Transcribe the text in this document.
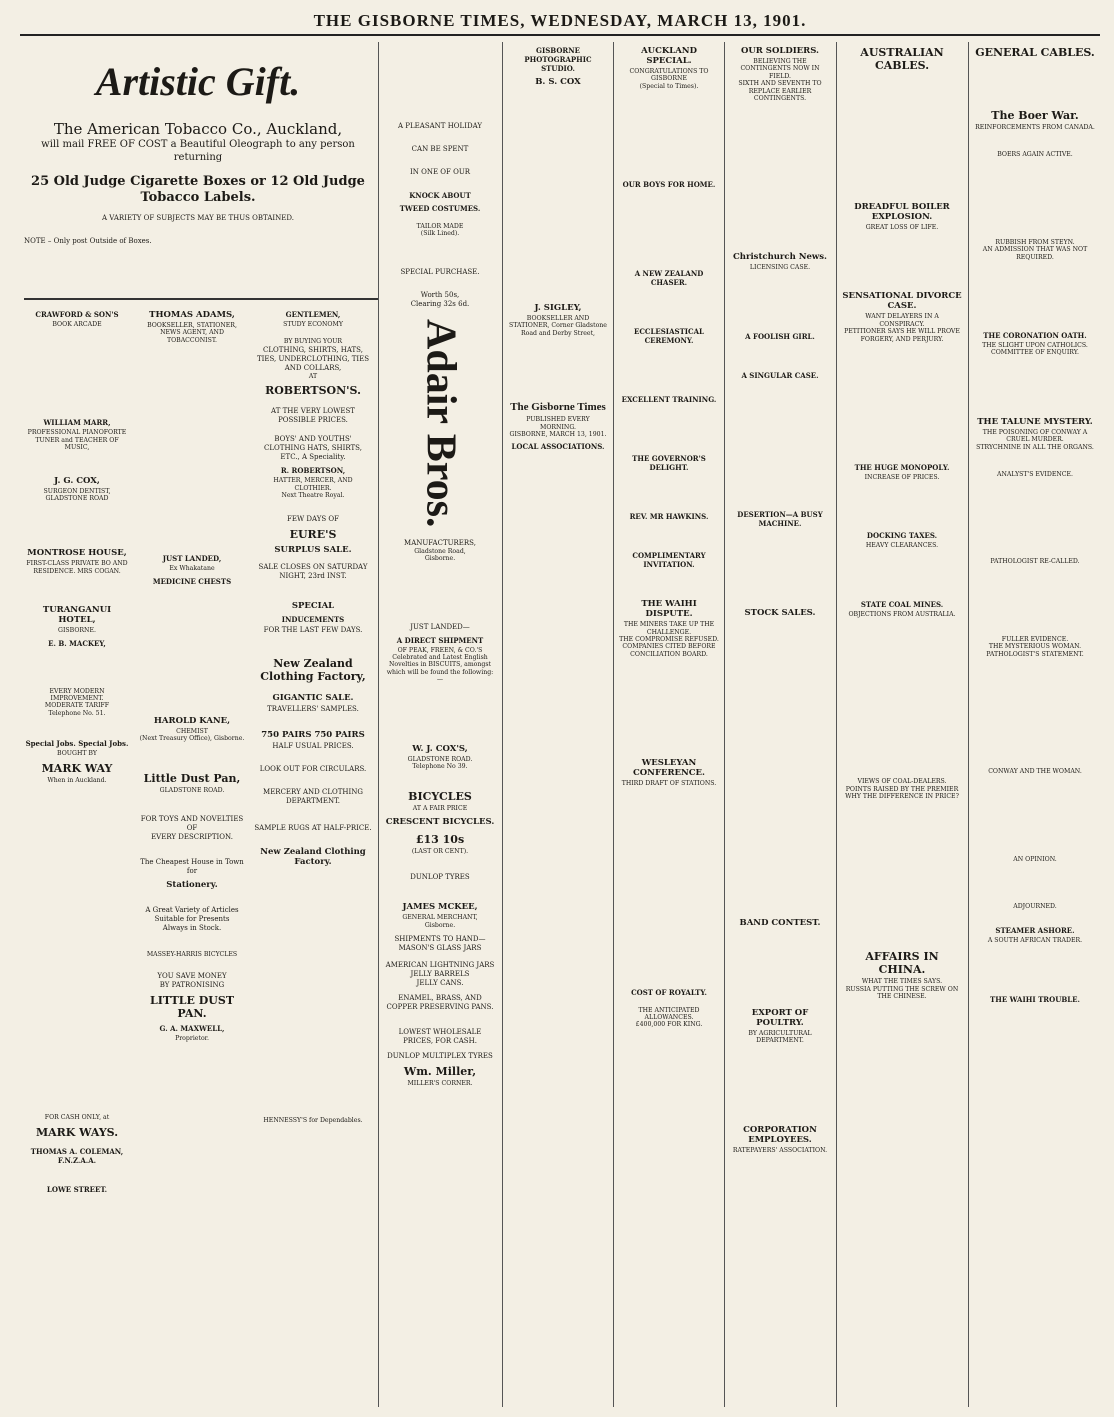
THE GISBORNE TIMES, WEDNESDAY, MARCH 13, 1901.
Artistic Gift.
The American Tobacco Co., Auckland,
will mail FREE OF COST a Beautiful Oleograph to any person returning
25 Old Judge Cigarette Boxes or 12 Old Judge Tobacco Labels.
A VARIETY OF SUBJECTS MAY BE THUS OBTAINED.
NOTE – Only post Outside of Boxes.
CRAWFORD & SON'S
BOOK ARCADE
WILLIAM MARR,
PROFESSIONAL PIANOFORTE TUNER and TEACHER OF MUSIC,
J. G. COX,
SURGEON DENTIST,
GLADSTONE ROAD
MONTROSE HOUSE,
FIRST-CLASS PRIVATE BO AND RESIDENCE. MRS COGAN.
TURANGANUI HOTEL,
GISBORNE.
E. B. MACKEY,
EVERY MODERN IMPROVEMENT.
MODERATE TARIFF
Telephone No. 51.
Special Jobs. Special Jobs.
BOUGHT BY
MARK WAY
When in Auckland.
FOR CASH ONLY, at
MARK WAYS.
THOMAS A. COLEMAN, F.N.Z.A.A.
LOWE STREET.
THOMAS ADAMS,
BOOKSELLER, STATIONER, NEWS AGENT, AND TOBACCONIST.
JUST LANDED,
Ex Whakatane
MEDICINE CHESTS
HAROLD KANE,
CHEMIST
(Next Treasury Office), Gisborne.
Little Dust Pan,
GLADSTONE ROAD.
FOR TOYS AND NOVELTIES OF
EVERY DESCRIPTION.
The Cheapest House in Town for
Stationery.
A Great Variety of Articles
Suitable for Presents
Always in Stock.
MASSEY-HARRIS BICYCLES
YOU SAVE MONEY
BY PATRONISING
LITTLE DUST PAN.
G. A. MAXWELL,
Proprietor.
GENTLEMEN,
STUDY ECONOMY
BY BUYING YOUR
CLOTHING, SHIRTS, HATS, TIES, UNDERCLOTHING, TIES AND COLLARS,
AT
ROBERTSON'S.
AT THE VERY LOWEST POSSIBLE PRICES.
BOYS' AND YOUTHS' CLOTHING HATS, SHIRTS, ETC., A Speciality.
R. ROBERTSON,
HATTER, MERCER, AND CLOTHIER.
Next Theatre Royal.
FEW DAYS OF
EURE'S
SURPLUS SALE.
SALE CLOSES ON SATURDAY NIGHT, 23rd INST.
SPECIAL
INDUCEMENTS
FOR THE LAST FEW DAYS.
New Zealand Clothing Factory,
GIGANTIC SALE.
TRAVELLERS' SAMPLES.
750 PAIRS 750 PAIRS
HALF USUAL PRICES.
LOOK OUT FOR CIRCULARS.
MERCERY AND CLOTHING DEPARTMENT.
SAMPLE RUGS AT HALF-PRICE.
New Zealand Clothing Factory.
HENNESSY'S for Dependables.
A PLEASANT HOLIDAY
CAN BE SPENT
IN ONE OF OUR
KNOCK ABOUT
TWEED COSTUMES.
TAILOR MADE
(Silk Lined).
SPECIAL PURCHASE.
Worth 50s,
Clearing 32s 6d.
Adair Bros.
MANUFACTURERS,
Gladstone Road,
Gisborne.
JUST LANDED—
A DIRECT SHIPMENT
OF PEAK, FREEN, & CO.'S
Celebrated and Latest English Novelties in BISCUITS, amongst which will be found the following:—
W. J. COX'S,
GLADSTONE ROAD.
Telephone No 39.
BICYCLES
AT A FAIR PRICE
CRESCENT BICYCLES.
£13 10s
(LAST OR CENT).
DUNLOP TYRES
JAMES MCKEE,
GENERAL MERCHANT,
Gisborne.
SHIPMENTS TO HAND—
MASON'S GLASS JARS
AMERICAN LIGHTNING JARS
JELLY BARRELS
JELLY CANS.
ENAMEL, BRASS, AND COPPER PRESERVING PANS.
LOWEST WHOLESALE PRICES, FOR CASH.
DUNLOP MULTIPLEX TYRES
Wm. Miller,
MILLER'S CORNER.
GISBORNE PHOTOGRAPHIC STUDIO.
B. S. COX
J. SIGLEY,
BOOKSELLER AND STATIONER, Corner Gladstone Road and Derby Street,
The Gisborne Times
PUBLISHED EVERY MORNING.
GISBORNE, MARCH 13, 1901.
LOCAL ASSOCIATIONS.
AUCKLAND SPECIAL.
CONGRATULATIONS TO GISBORNE
(Special to Times).
OUR BOYS FOR HOME.
A NEW ZEALAND CHASER.
ECCLESIASTICAL CEREMONY.
EXCELLENT TRAINING.
THE GOVERNOR'S DELIGHT.
REV. MR HAWKINS.
COMPLIMENTARY INVITATION.
THE WAIHI DISPUTE.
THE MINERS TAKE UP THE CHALLENGE.
THE COMPROMISE REFUSED.
COMPANIES CITED BEFORE CONCILIATION BOARD.
WESLEYAN CONFERENCE.
THIRD DRAFT OF STATIONS.
COST OF ROYALTY.
THE ANTICIPATED ALLOWANCES.
£400,000 FOR KING.
OUR SOLDIERS.
BELIEVING THE CONTINGENTS NOW IN FIELD.
SIXTH AND SEVENTH TO REPLACE EARLIER CONTINGENTS.
Christchurch News.
LICENSING CASE.
A FOOLISH GIRL.
A SINGULAR CASE.
DESERTION—A BUSY MACHINE.
STOCK SALES.
BAND CONTEST.
EXPORT OF POULTRY.
BY AGRICULTURAL DEPARTMENT.
CORPORATION EMPLOYEES.
RATEPAYERS' ASSOCIATION.
AUSTRALIAN CABLES.
DREADFUL BOILER EXPLOSION.
GREAT LOSS OF LIFE.
SENSATIONAL DIVORCE CASE.
WANT DELAYERS IN A CONSPIRACY.
PETITIONER SAYS HE WILL PROVE FORGERY, AND PERJURY.
THE HUGE MONOPOLY.
INCREASE OF PRICES.
DOCKING TAXES.
HEAVY CLEARANCES.
STATE COAL MINES.
OBJECTIONS FROM AUSTRALIA.
VIEWS OF COAL-DEALERS.
POINTS RAISED BY THE PREMIER
WHY THE DIFFERENCE IN PRICE?
AFFAIRS IN CHINA.
WHAT THE TIMES SAYS.
RUSSIA PUTTING THE SCREW ON THE CHINESE.
GENERAL CABLES.
The Boer War.
REINFORCEMENTS FROM CANADA.
BOERS AGAIN ACTIVE.
RUBBISH FROM STEYN.
AN ADMISSION THAT WAS NOT REQUIRED.
THE CORONATION OATH.
THE SLIGHT UPON CATHOLICS.
COMMITTEE OF ENQUIRY.
THE TALUNE MYSTERY.
THE POISONING OF CONWAY A CRUEL MURDER.
STRYCHNINE IN ALL THE ORGANS.
ANALYST'S EVIDENCE.
PATHOLOGIST RE-CALLED.
FULLER EVIDENCE.
THE MYSTERIOUS WOMAN.
PATHOLOGIST'S STATEMENT.
CONWAY AND THE WOMAN.
AN OPINION.
ADJOURNED.
STEAMER ASHORE.
A SOUTH AFRICAN TRADER.
THE WAIHI TROUBLE.
